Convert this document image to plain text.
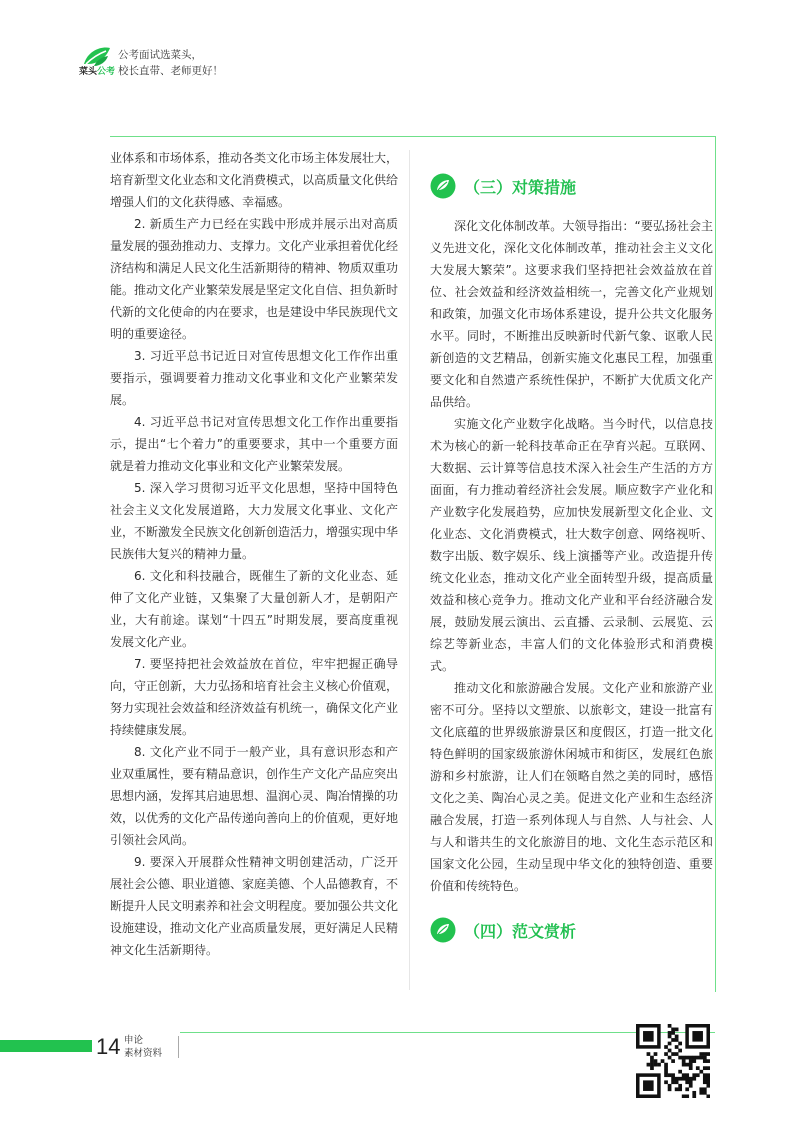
菜头公考
公考面试选菜头，
校长直带、老师更好！

业体系和市场体系，推动各类文化市场主体发展壮大，培育新型文化业态和文化消费模式，以高质量文化供给增强人们的文化获得感、幸福感。

2. 新质生产力已经在实践中形成并展示出对高质量发展的强劲推动力、支撑力。文化产业承担着优化经济结构和满足人民文化生活新期待的精神、物质双重功能。推动文化产业繁荣发展是坚定文化自信、担负新时代新的文化使命的内在要求，也是建设中华民族现代文明的重要途径。

3. 习近平总书记近日对宣传思想文化工作作出重要指示，强调要着力推动文化事业和文化产业繁荣发展。

4. 习近平总书记对宣传思想文化工作作出重要指示，提出“七个着力”的重要要求，其中一个重要方面就是着力推动文化事业和文化产业繁荣发展。

5. 深入学习贯彻习近平文化思想，坚持中国特色社会主义文化发展道路，大力发展文化事业、文化产业，不断激发全民族文化创新创造活力，增强实现中华民族伟大复兴的精神力量。

6. 文化和科技融合，既催生了新的文化业态、延伸了文化产业链，又集聚了大量创新人才，是朝阳产业，大有前途。谋划“十四五”时期发展，要高度重视发展文化产业。

7. 要坚持把社会效益放在首位，牢牢把握正确导向，守正创新，大力弘扬和培育社会主义核心价值观，努力实现社会效益和经济效益有机统一，确保文化产业持续健康发展。

8. 文化产业不同于一般产业，具有意识形态和产业双重属性，要有精品意识，创作生产文化产品应突出思想内涵，发挥其启迪思想、温润心灵、陶冶情操的功效，以优秀的文化产品传递向善向上的价值观，更好地引领社会风尚。

9. 要深入开展群众性精神文明创建活动，广泛开展社会公德、职业道德、家庭美德、个人品德教育，不断提升人民文明素养和社会文明程度。要加强公共文化设施建设，推动文化产业高质量发展，更好满足人民精神文化生活新期待。

（三）对策措施

深化文化体制改革。大领导指出：“要弘扬社会主义先进文化，深化文化体制改革，推动社会主义文化大发展大繁荣”。这要求我们坚持把社会效益放在首位、社会效益和经济效益相统一，完善文化产业规划和政策，加强文化市场体系建设，提升公共文化服务水平。同时，不断推出反映新时代新气象、讴歌人民新创造的文艺精品，创新实施文化惠民工程，加强重要文化和自然遗产系统性保护，不断扩大优质文化产品供给。

实施文化产业数字化战略。当今时代，以信息技术为核心的新一轮科技革命正在孕育兴起。互联网、大数据、云计算等信息技术深入社会生产生活的方方面面，有力推动着经济社会发展。顺应数字产业化和产业数字化发展趋势，应加快发展新型文化企业、文化业态、文化消费模式，壮大数字创意、网络视听、数字出版、数字娱乐、线上演播等产业。改造提升传统文化业态，推动文化产业全面转型升级，提高质量效益和核心竞争力。推动文化产业和平台经济融合发展，鼓励发展云演出、云直播、云录制、云展览、云综艺等新业态，丰富人们的文化体验形式和消费模式。

推动文化和旅游融合发展。文化产业和旅游产业密不可分。坚持以文塑旅、以旅彰文，建设一批富有文化底蕴的世界级旅游景区和度假区，打造一批文化特色鲜明的国家级旅游休闲城市和街区，发展红色旅游和乡村旅游，让人们在领略自然之美的同时，感悟文化之美、陶冶心灵之美。促进文化产业和生态经济融合发展，打造一系列体现人与自然、人与社会、人与人和谐共生的文化旅游目的地、文化生态示范区和国家文化公园，生动呈现中华文化的独特创造、重要价值和传统特色。

（四）范文赏析
14 申论
素材资料
